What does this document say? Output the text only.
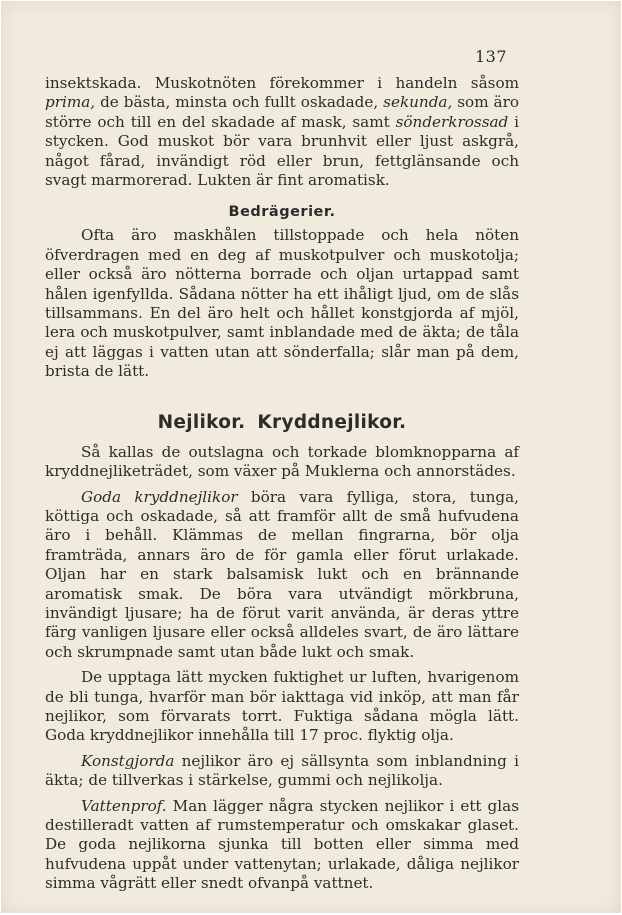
137

insektskada. Muskotnöten förekommer i handeln såsom prima, de bästa, minsta och fullt oskadade, sekunda, som äro större och till en del skadade af mask, samt sönderkrossad i stycken. God muskot bör vara brunhvit eller ljust askgrå, något fårad, invändigt röd eller brun, fettglänsande och svagt marmorerad. Lukten är fint aromatisk.

Bedrägerier.

Ofta äro maskhålen tillstoppade och hela nöten öfverdragen med en deg af muskotpulver och muskotolja; eller också äro nötterna borrade och oljan urtappad samt hålen igenfyllda. Sådana nötter ha ett ihåligt ljud, om de slås tillsammans. En del äro helt och hållet konstgjorda af mjöl, lera och muskotpulver, samt inblandade med de äkta; de tåla ej att läggas i vatten utan att sönderfalla; slår man på dem, brista de lätt.

Nejlikor. Kryddnejlikor.

Så kallas de outslagna och torkade blomknopparna af kryddnejliketrädet, som växer på Muklerna och annorstädes.

Goda kryddnejlikor böra vara fylliga, stora, tunga, köttiga och oskadade, så att framför allt de små hufvudena äro i behåll. Klämmas de mellan fingrarna, bör olja framträda, annars äro de för gamla eller förut urlakade. Oljan har en stark balsamisk lukt och en brännande aromatisk smak. De böra vara utvändigt mörkbruna, invändigt ljusare; ha de förut varit använda, är deras yttre färg vanligen ljusare eller också alldeles svart, de äro lättare och skrumpnade samt utan både lukt och smak.

De upptaga lätt mycken fuktighet ur luften, hvarigenom de bli tunga, hvarför man bör iakttaga vid inköp, att man får nejlikor, som förvarats torrt. Fuktiga sådana mögla lätt. Goda kryddnejlikor innehålla till 17 proc. flyktig olja.

Konstgjorda nejlikor äro ej sällsynta som inblandning i äkta; de tillverkas i stärkelse, gummi och nejlikolja.

Vattenprof. Man lägger några stycken nejlikor i ett glas destilleradt vatten af rumstemperatur och omskakar glaset. De goda nejlikorna sjunka till botten eller simma med hufvudena uppåt under vattenytan; urlakade, dåliga nejlikor simma vågrätt eller snedt ofvanpå vattnet.
